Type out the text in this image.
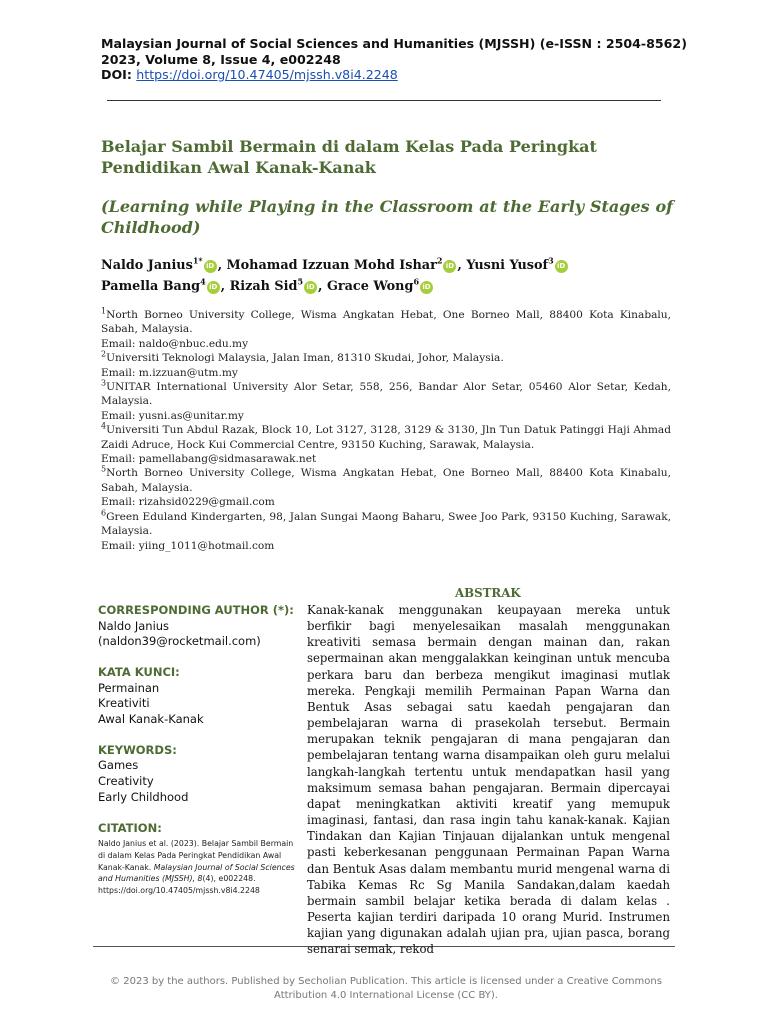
Malaysian Journal of Social Sciences and Humanities (MJSSH) (e-ISSN : 2504-8562)
2023, Volume 8, Issue 4, e002248
DOI: https://doi.org/10.47405/mjssh.v8i4.2248
Belajar Sambil Bermain di dalam Kelas Pada Peringkat Pendidikan Awal Kanak-Kanak
(Learning while Playing in the Classroom at the Early Stages of Childhood)
Naldo Janius$^{1*}$iD , Mohamad Izzuan Mohd Ishar$^2$iD , Yusni Yusof$^3$iD
Pamella Bang$^4$iD , Rizah Sid$^5$iD , Grace Wong$^6$iD

$^1$North Borneo University College, Wisma Angkatan Hebat, One Borneo Mall, 88400 Kota Kinabalu, Sabah, Malaysia.

Email: naldo@nbuc.edu.my

$^2$Universiti Teknologi Malaysia, Jalan Iman, 81310 Skudai, Johor, Malaysia.

Email: m.izzuan@utm.my

$^3$UNITAR International University Alor Setar, 558, 256, Bandar Alor Setar, 05460 Alor Setar, Kedah, Malaysia.

Email: yusni.as@unitar.my

$^4$Universiti Tun Abdul Razak, Block 10, Lot 3127, 3128, 3129 & 3130, Jln Tun Datuk Patinggi Haji Ahmad Zaidi Adruce, Hock Kui Commercial Centre, 93150 Kuching, Sarawak, Malaysia.

Email: pamellabang@sidmasarawak.net

$^5$North Borneo University College, Wisma Angkatan Hebat, One Borneo Mall, 88400 Kota Kinabalu, Sabah, Malaysia.

Email: rizahsid0229@gmail.com

$^6$Green Eduland Kindergarten, 98, Jalan Sungai Maong Baharu, Swee Joo Park, 93150 Kuching, Sarawak, Malaysia.

Email: yiing_1011@hotmail.com

CORRESPONDING AUTHOR (*):
Naldo Janius
(naldon39@rocketmail.com)
KATA KUNCI:
Permainan
Kreativiti
Awal Kanak-Kanak
KEYWORDS:
Games
Creativity
Early Childhood
CITATION:
Naldo Janius et al. (2023). Belajar Sambil Bermain di dalam Kelas Pada Peringkat Pendidikan Awal Kanak-Kanak. Malaysian Journal of Social Sciences and Humanities (MJSSH), 8(4), e002248.
https://doi.org/10.47405/mjssh.v8i4.2248
ABSTRAK
Kanak-kanak menggunakan keupayaan mereka untuk berfikir bagi menyelesaikan masalah menggunakan kreativiti semasa bermain dengan mainan dan, rakan sepermainan akan menggalakkan keinginan untuk mencuba perkara baru dan berbeza mengikut imaginasi mutlak mereka. Pengkaji memilih Permainan Papan Warna dan Bentuk Asas sebagai satu kaedah pengajaran dan pembelajaran warna di prasekolah tersebut. Bermain merupakan teknik pengajaran di mana pengajaran dan pembelajaran tentang warna disampaikan oleh guru melalui langkah-langkah tertentu untuk mendapatkan hasil yang maksimum semasa bahan pengajaran. Bermain dipercayai dapat meningkatkan aktiviti kreatif yang memupuk imaginasi, fantasi, dan rasa ingin tahu kanak-kanak. Kajian Tindakan dan Kajian Tinjauan dijalankan untuk mengenal pasti keberkesanan penggunaan Permainan Papan Warna dan Bentuk Asas dalam membantu murid mengenal warna di Tabika Kemas Rc Sg Manila Sandakan,dalam kaedah bermain sambil belajar ketika berada di dalam kelas . Peserta kajian terdiri daripada 10 orang Murid. Instrumen kajian yang digunakan adalah ujian pra, ujian pasca, borang senarai semak, rekod
© 2023 by the authors. Published by Secholian Publication. This article is licensed under a Creative Commons Attribution 4.0 International License (CC BY).
